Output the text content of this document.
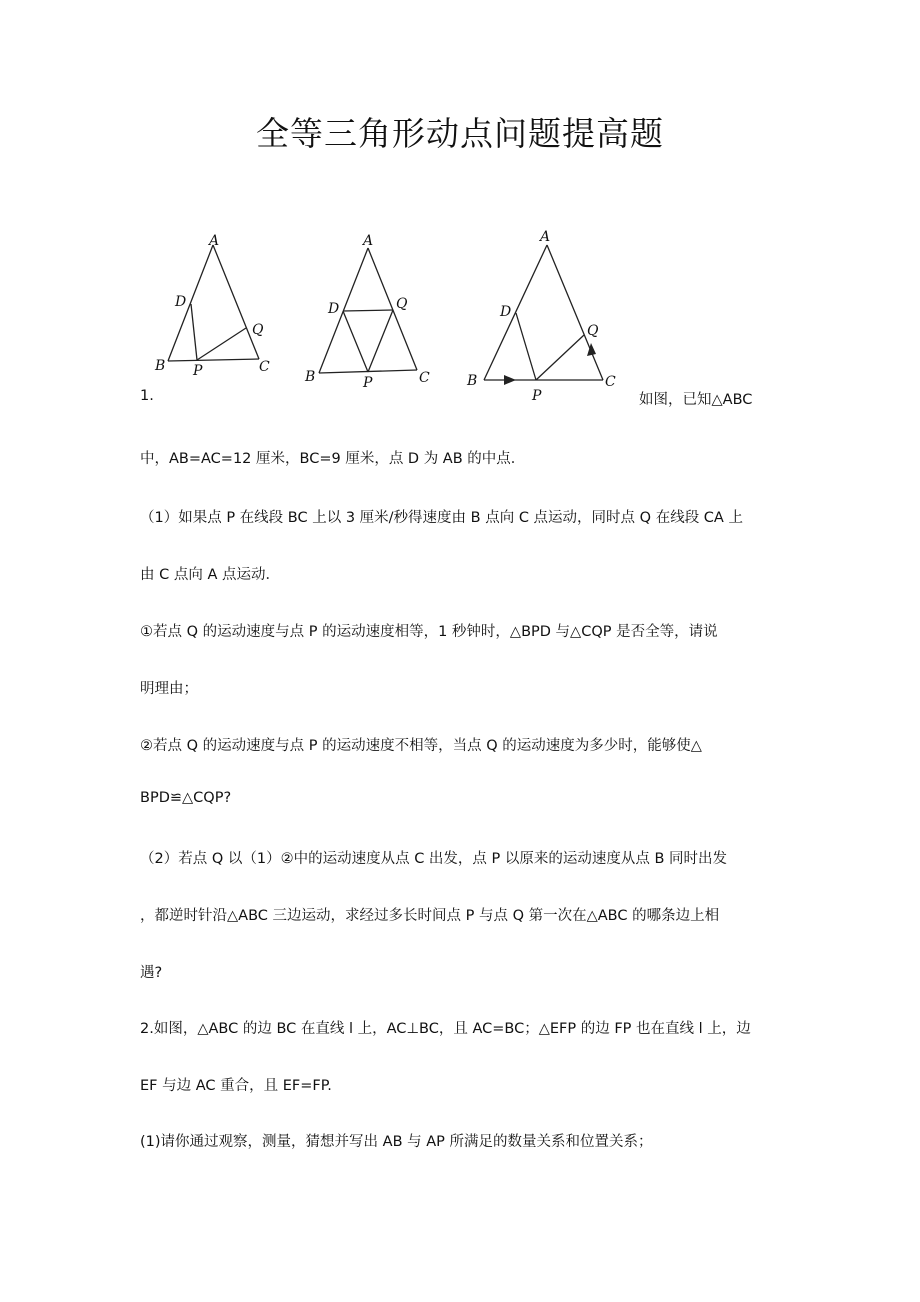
全等三角形动点问题提高题
A
D
Q
B P	C
A
D	Q
B	P	C
A
D
Q
B
P
C
1.	如图，已知△ABC
中，AB=AC=12 厘米，BC=9 厘米，点 D 为 AB 的中点．
（1）如果点 P 在线段 BC 上以 3 厘米/秒得速度由 B 点向 C 点运动，同时点 Q 在线段 CA 上
由 C 点向 A 点运动．
①若点 Q 的运动速度与点 P 的运动速度相等，1 秒钟时，△BPD 与△CQP 是否全等，请说
明理由；
②若点 Q 的运动速度与点 P 的运动速度不相等，当点 Q 的运动速度为多少时，能够使△
BPD≌△CQP?
（2）若点 Q 以（1）②中的运动速度从点 C 出发，点 P 以原来的运动速度从点 B 同时出发
，都逆时针沿△ABC 三边运动，求经过多长时间点 P 与点 Q 第一次在△ABC 的哪条边上相
遇?
2.如图，△ABC 的边 BC 在直线 l 上，AC⊥BC，且 AC=BC；△EFP 的边 FP 也在直线 l 上，边
EF 与边 AC 重合，且 EF=FP.
(1)请你通过观察，测量，猜想并写出 AB 与 AP 所满足的数量关系和位置关系；
